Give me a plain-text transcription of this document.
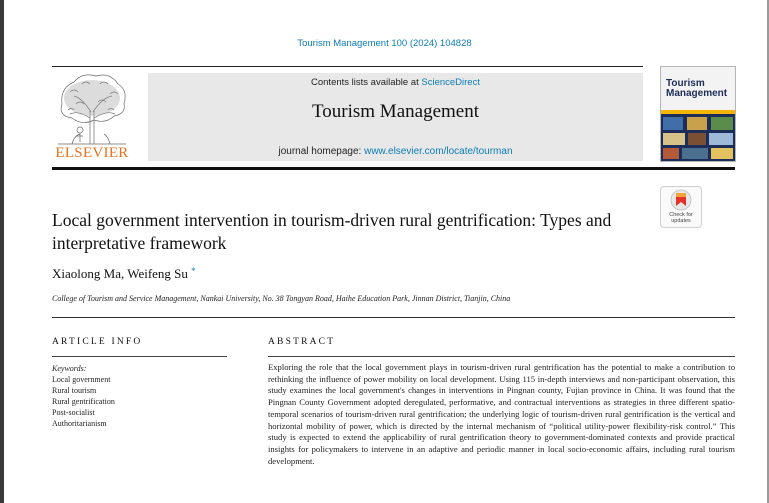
Tourism Management 100 (2024) 104828
ELSEVIER
Contents lists available at ScienceDirect
Tourism Management
journal homepage: www.elsevier.com/locate/tourman
Tourism
Management
Check for
updates
Local government intervention in tourism-driven rural gentrification: Types and interpretative framework
Xiaolong Ma, Weifeng Su *
College of Tourism and Service Management, Nankai University, No. 38 Tongyan Road, Haihe Education Park, Jinnan District, Tianjin, China
ARTICLE INFO	ABSTRACT
Keywords:
Local government
Rural tourism
Rural gentrification
Post-socialist
Authoritarianism
Exploring the role that the local government plays in tourism-driven rural gentrification has the potential to make a contribution to rethinking the influence of power mobility on local development. Using 115 in-depth interviews and non-participant observation, this study examines the local government's changes in interventions in Pingnan county, Fujian province in China. It was found that the Pingnan County Government adopted deregulated, performative, and contractual interventions as strategies in three different spatio-temporal scenarios of tourism-driven rural gentrification; the underlying logic of tourism-driven rural gentrification is the vertical and horizontal mobility of power, which is directed by the internal mechanism of “political utility-power flexibility-risk control.” This study is expected to extend the applicability of rural gentrification theory to government-dominated contexts and provide practical insights for policymakers to intervene in an adaptive and periodic manner in local socio-economic affairs, including rural tourism development.
